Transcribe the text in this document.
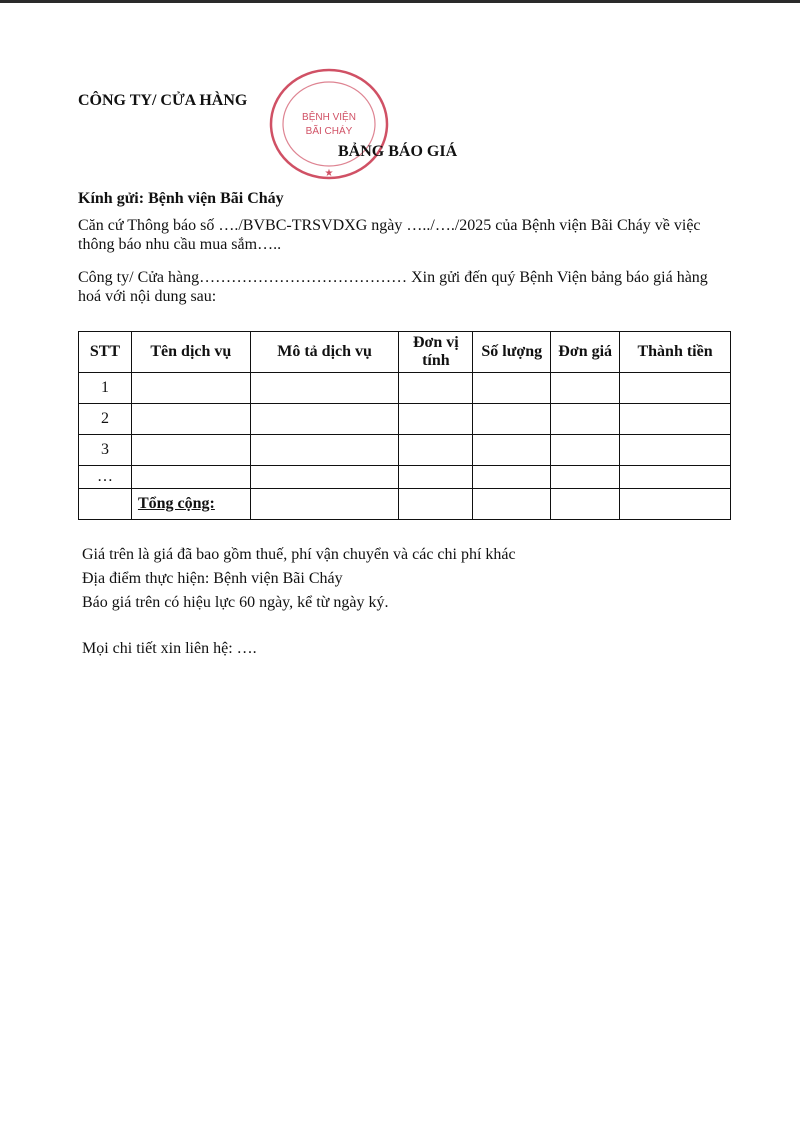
CÔNG TY/ CỬA HÀNG
BỆNH VIỆN
BÃI CHÁY
★
BẢNG BÁO GIÁ
Kính gửi: Bệnh viện Bãi Cháy
Căn cứ Thông báo số …./BVBC-TRSVDXG ngày …../…./2025 của Bệnh viện Bãi Cháy về việc thông báo nhu cầu mua sắm…..
Công ty/ Cửa hàng………………………………… Xin gửi đến quý Bệnh Viện bảng báo giá hàng hoá với nội dung sau:
STT	Tên dịch vụ	Mô tả dịch vụ	Đơn vị tính	Số lượng	Đơn giá	Thành tiền
1						
2						
3						
…						
	Tổng cộng:					
Giá trên là giá đã bao gồm thuế, phí vận chuyển và các chi phí khác
Địa điểm thực hiện: Bệnh viện Bãi Cháy
Báo giá trên có hiệu lực 60 ngày, kể từ ngày ký.
Mọi chi tiết xin liên hệ: ….
